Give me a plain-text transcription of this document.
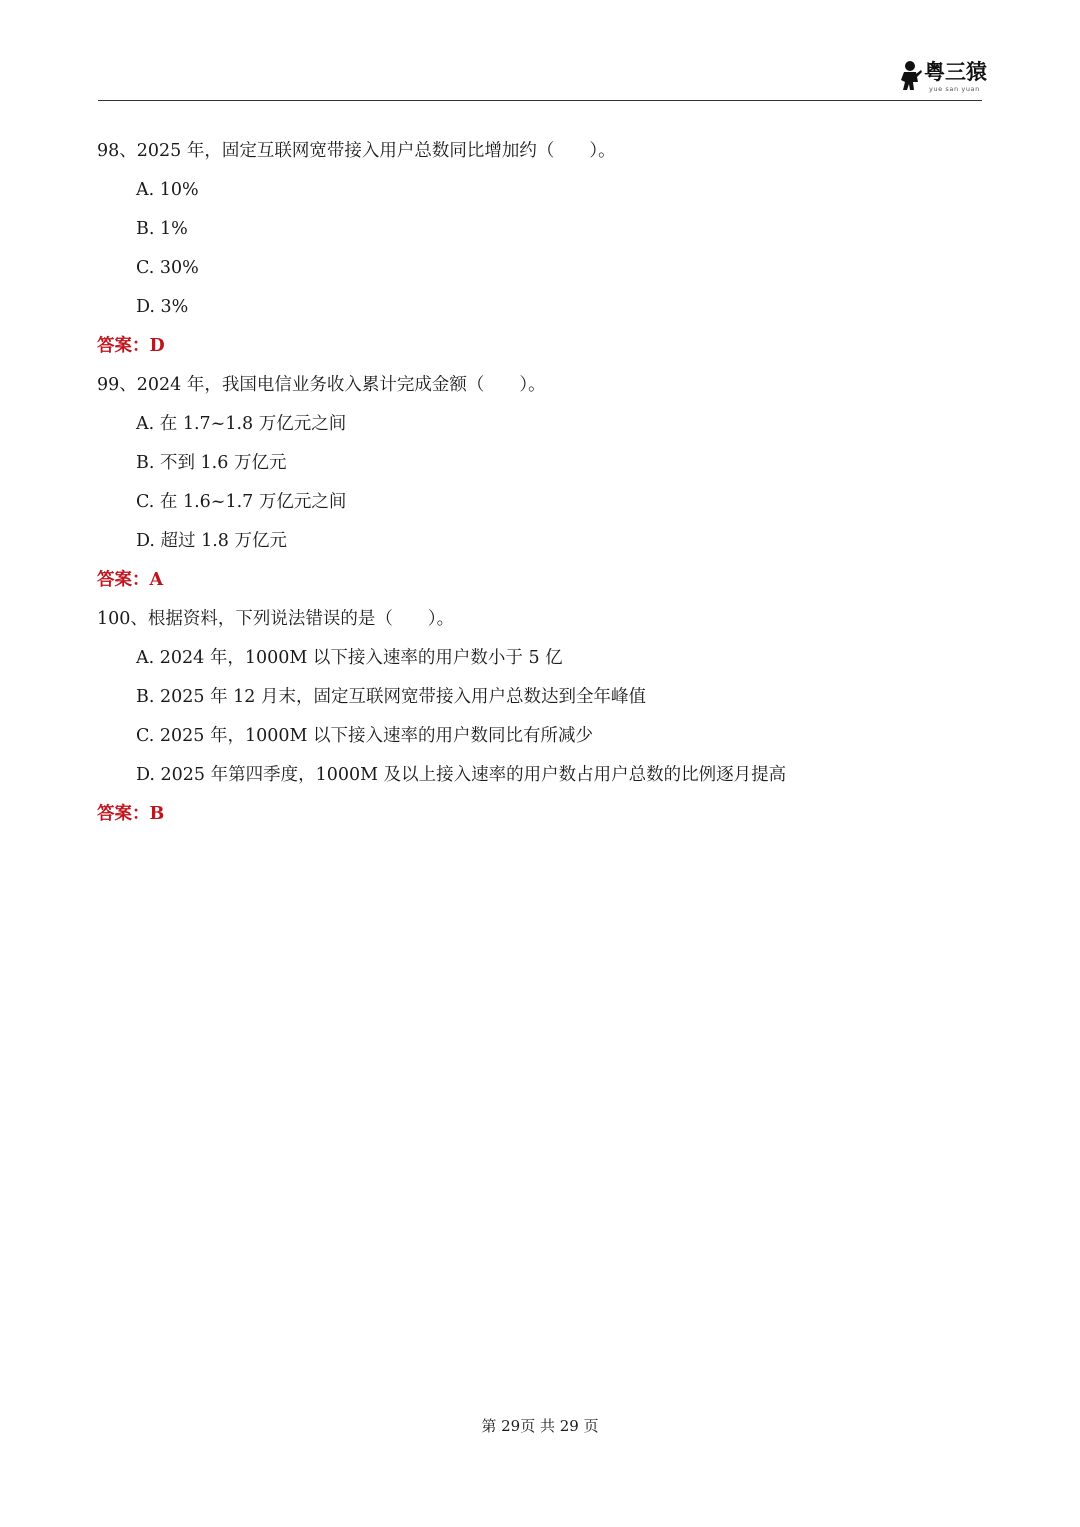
粤三猿
yue san yuan
98、2025 年，固定互联网宽带接入用户总数同比增加约（　　）。
A. 10%
B. 1%
C. 30%
D. 3%
答案：D
99、2024 年，我国电信业务收入累计完成金额（　　）。
A. 在 1.7~1.8 万亿元之间
B. 不到 1.6 万亿元
C. 在 1.6~1.7 万亿元之间
D. 超过 1.8 万亿元
答案：A
100、根据资料，下列说法错误的是（　　）。
A. 2024 年，1000M 以下接入速率的用户数小于 5 亿
B. 2025 年 12 月末，固定互联网宽带接入用户总数达到全年峰值
C. 2025 年，1000M 以下接入速率的用户数同比有所减少
D. 2025 年第四季度，1000M 及以上接入速率的用户数占用户总数的比例逐月提高
答案：B
第 29页 共 29 页
